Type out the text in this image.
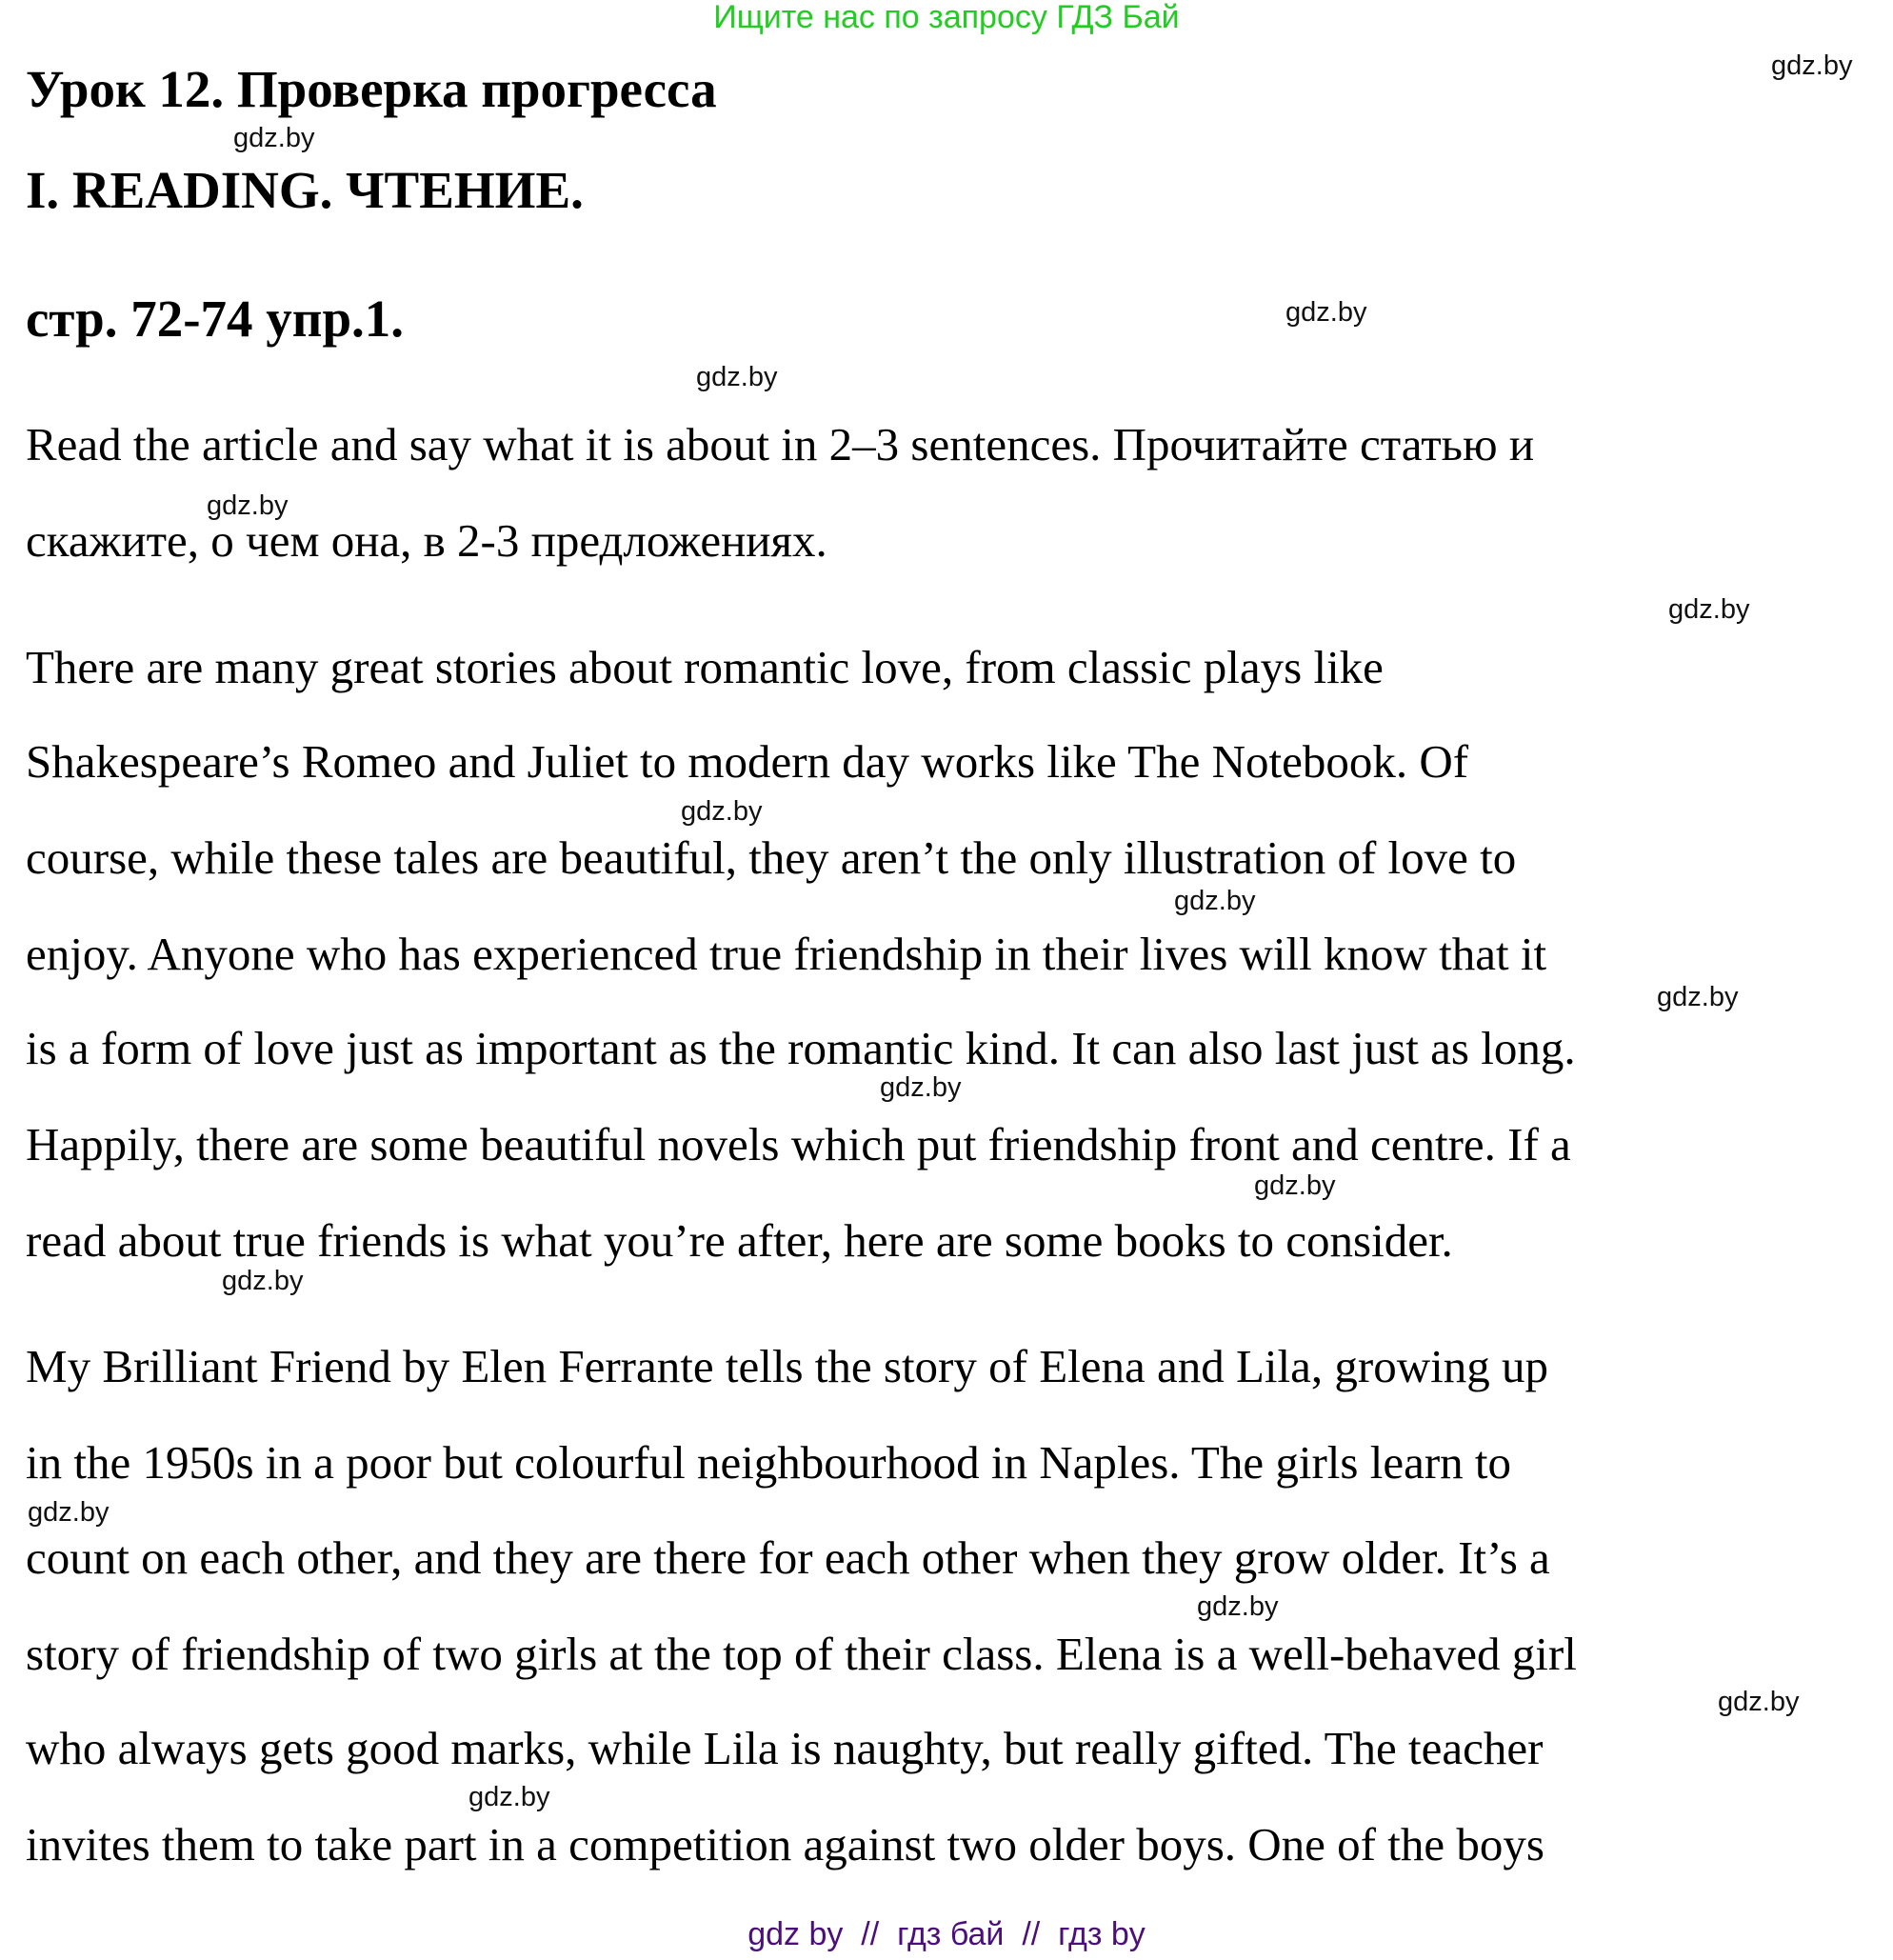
Ищите нас по запросу ГДЗ Бай
Урок 12. Проверка прогресса
I. READING. ЧТЕНИЕ.
стр. 72-74 упр.1.
Read the article and say what it is about in 2–3 sentences. Прочитайте статью и
скажите, о чем она, в 2-3 предложениях.
There are many great stories about romantic love, from classic plays like
Shakespeare’s Romeo and Juliet to modern day works like The Notebook. Of
course, while these tales are beautiful, they aren’t the only illustration of love to
enjoy. Anyone who has experienced true friendship in their lives will know that it
is a form of love just as important as the romantic kind. It can also last just as long.
Happily, there are some beautiful novels which put friendship front and centre. If a
read about true friends is what you’re after, here are some books to consider.
My Brilliant Friend by Elen Ferrante tells the story of Elena and Lila, growing up
in the 1950s in a poor but colourful neighbourhood in Naples. The girls learn to
count on each other, and they are there for each other when they grow older. It’s a
story of friendship of two girls at the top of their class. Elena is a well-behaved girl
who always gets good marks, while Lila is naughty, but really gifted. The teacher
invites them to take part in a competition against two older boys. One of the boys
gdz.by
gdz.by
gdz.by
gdz.by
gdz.by
gdz.by
gdz.by
gdz.by
gdz.by
gdz.by
gdz.by
gdz.by
gdz.by
gdz.by
gdz.by
gdz.by
gdz by  //  гдз бай  //  гдз by
